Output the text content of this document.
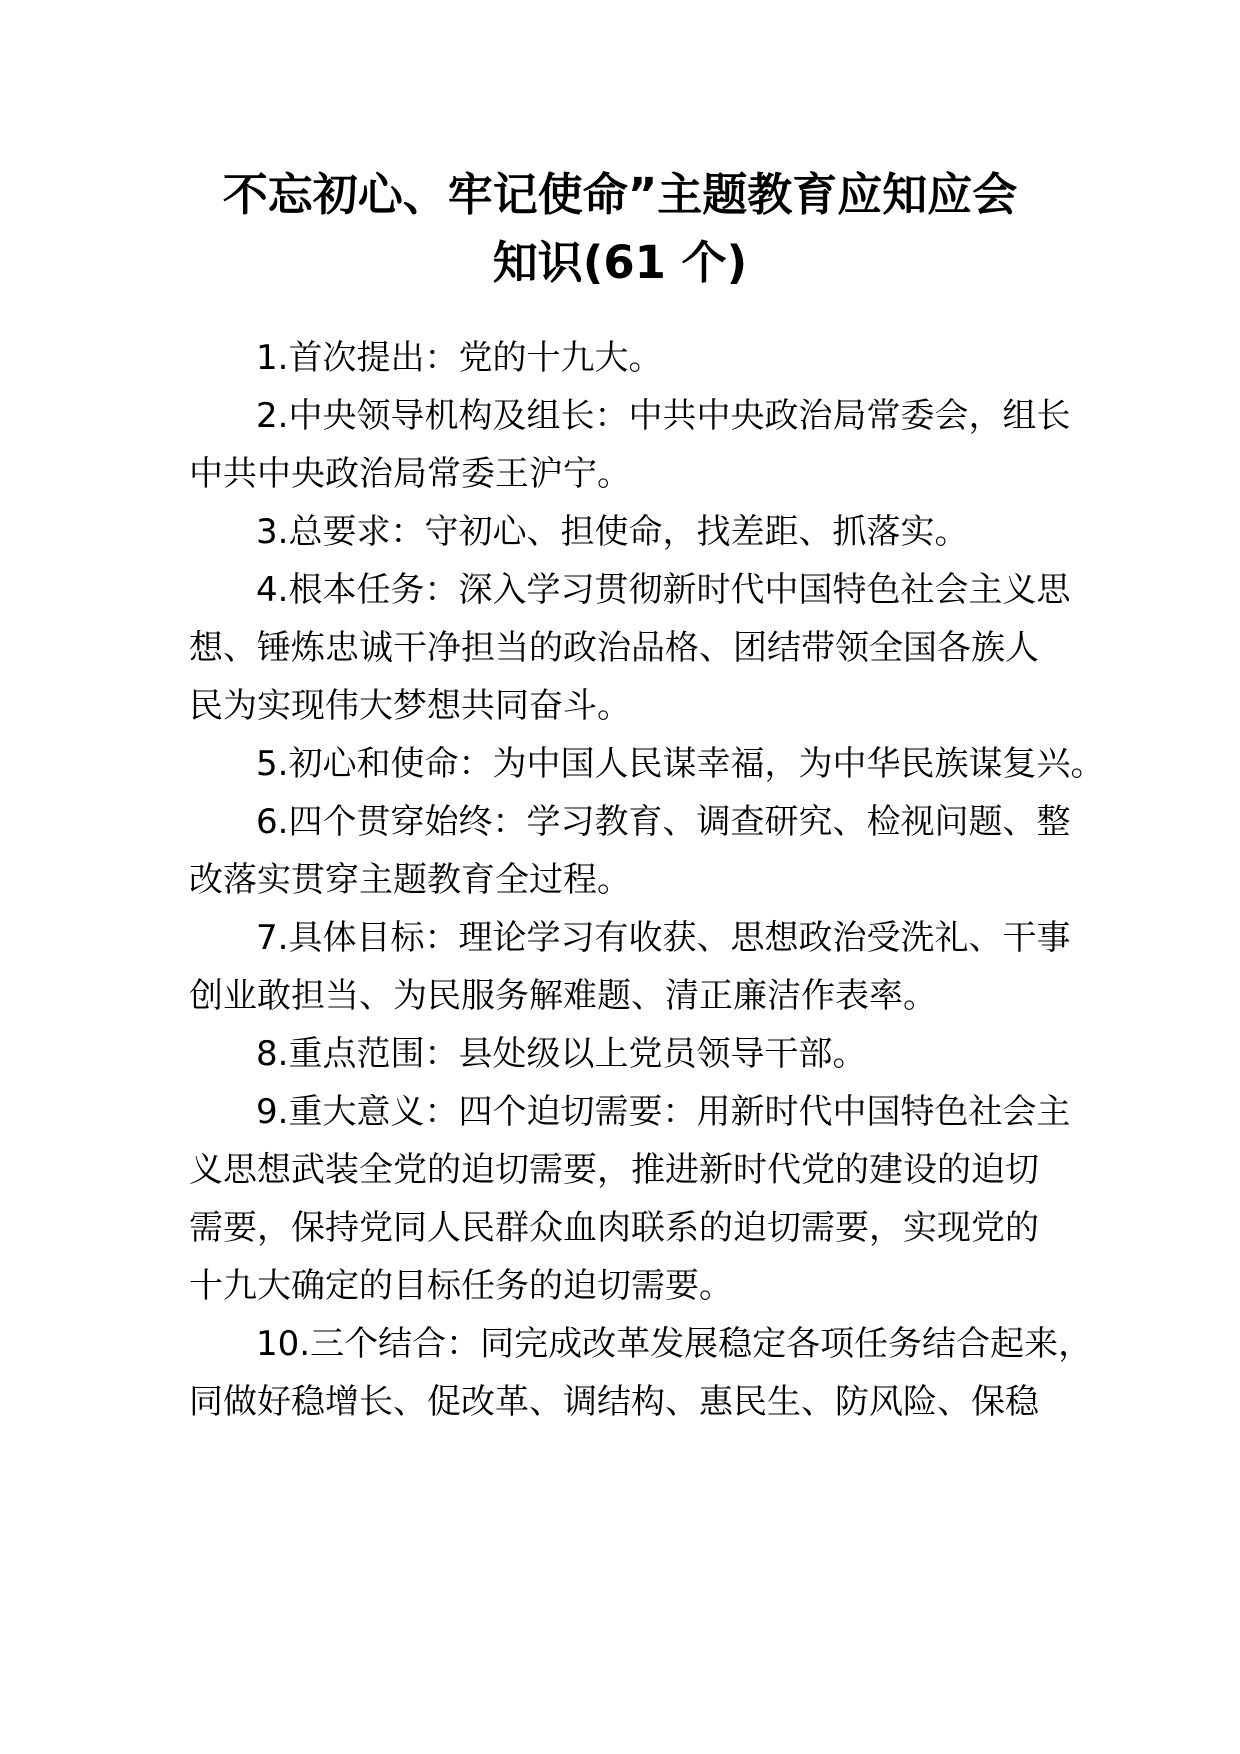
不忘初心、牢记使命”主题教育应知应会
知识(61 个)

1.首次提出：党的十九大。

2.中央领导机构及组长：中共中央政治局常委会，组长

中共中央政治局常委王沪宁。

3.总要求：守初心、担使命，找差距、抓落实。

4.根本任务：深入学习贯彻新时代中国特色社会主义思

想、锤炼忠诚干净担当的政治品格、团结带领全国各族人

民为实现伟大梦想共同奋斗。

5.初心和使命：为中国人民谋幸福，为中华民族谋复兴。

6.四个贯穿始终：学习教育、调查研究、检视问题、整

改落实贯穿主题教育全过程。

7.具体目标：理论学习有收获、思想政治受洗礼、干事

创业敢担当、为民服务解难题、清正廉洁作表率。

8.重点范围：县处级以上党员领导干部。

9.重大意义：四个迫切需要：用新时代中国特色社会主

义思想武装全党的迫切需要，推进新时代党的建设的迫切

需要，保持党同人民群众血肉联系的迫切需要，实现党的

十九大确定的目标任务的迫切需要。

10.三个结合：同完成改革发展稳定各项任务结合起来，

同做好稳增长、促改革、调结构、惠民生、防风险、保稳
